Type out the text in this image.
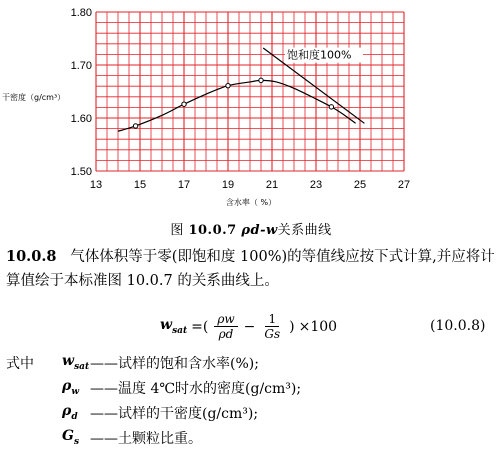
13	15	17	19	21	23	25	27
1.50
1.60
1.70
1.80
饱和度100%
干密度（g/cm³）
含水率（ %）
图 10.0.7 ρd-w关系曲线

10.0.8 气体体积等于零(即饱和度 100%)的等值线应按下式计算,并应将计算值绘于本标准图 10.0.7 的关系曲线上。

$w_{sat}$ =( $\frac{\rho w}{\rho d} - \frac{1}{Gs}$ ) ×100	(10.0.8)
式中	$w_{sat}$ ——试样的饱和含水率(%);
$\rho_w$ ——温度 4℃时水的密度(g/cm³);
$\rho_d$ ——试样的干密度(g/cm³);
$G_s$ ——土颗粒比重。
